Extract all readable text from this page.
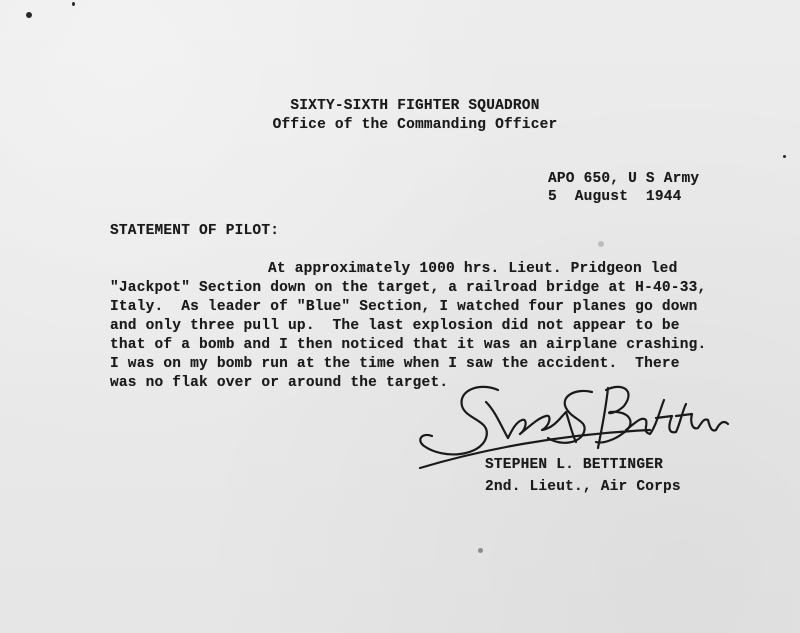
SIXTY-SIXTH FIGHTER SQUADRON
Office of the Commanding Officer
APO 650, U S Army
5  August  1944
STATEMENT OF PILOT:
At approximately 1000 hrs. Lieut. Pridgeon led
"Jackpot" Section down on the target, a railroad bridge at H-40-33,
Italy.  As leader of "Blue" Section, I watched four planes go down
and only three pull up.  The last explosion did not appear to be
that of a bomb and I then noticed that it was an airplane crashing.
I was on my bomb run at the time when I saw the accident.  There
was no flak over or around the target.
STEPHEN L. BETTINGER
2nd. Lieut., Air Corps
